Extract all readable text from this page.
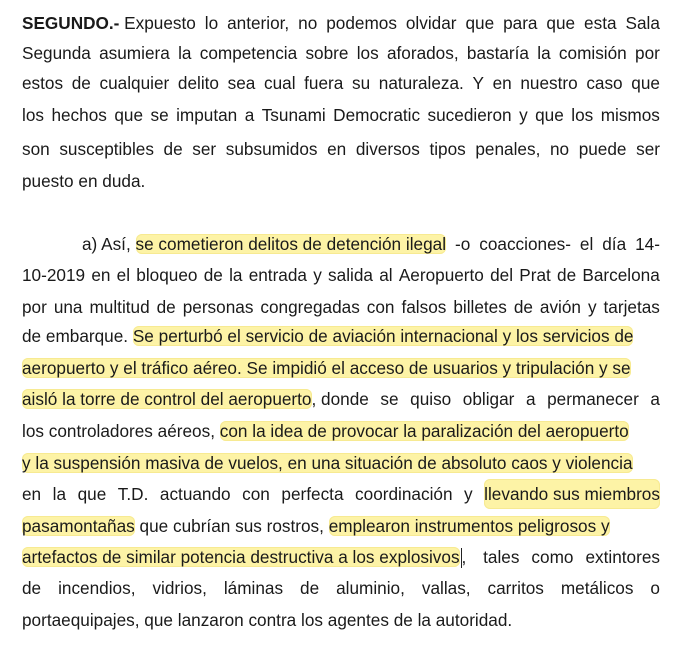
SEGUNDO.- Expuesto lo anterior, no podemos olvidar que para que esta Sala
Segunda asumiera la competencia sobre los aforados, bastaría la comisión por
estos de cualquier delito sea cual fuera su naturaleza. Y en nuestro caso que
los hechos que se imputan a Tsunami Democratic sucedieron y que los mismos
son susceptibles de ser subsumidos en diversos tipos penales, no puede ser
puesto en duda.
a) Así, se cometieron delitos de detención ilegal -o coacciones- el día 14-
10-2019 en el bloqueo de la entrada y salida al Aeropuerto del Prat de Barcelona
por una multitud de personas congregadas con falsos billetes de avión y tarjetas
de embarque. Se perturbó el servicio de aviación internacional y los servicios de
aeropuerto y el tráfico aéreo. Se impidió el acceso de usuarios y tripulación y se
aisló la torre de control del aeropuerto, donde se quiso obligar a permanecer a
los controladores aéreos, con la idea de provocar la paralización del aeropuerto
y la suspensión masiva de vuelos, en una situación de absoluto caos y violencia
en la que T.D. actuando con perfecta coordinación y llevando sus miembros
pasamontañas que cubrían sus rostros, emplearon instrumentos peligrosos y
artefactos de similar potencia destructiva a los explosivos , tales como extintores
de incendios, vidrios, láminas de aluminio, vallas, carritos metálicos o
portaequipajes, que lanzaron contra los agentes de la autoridad.
